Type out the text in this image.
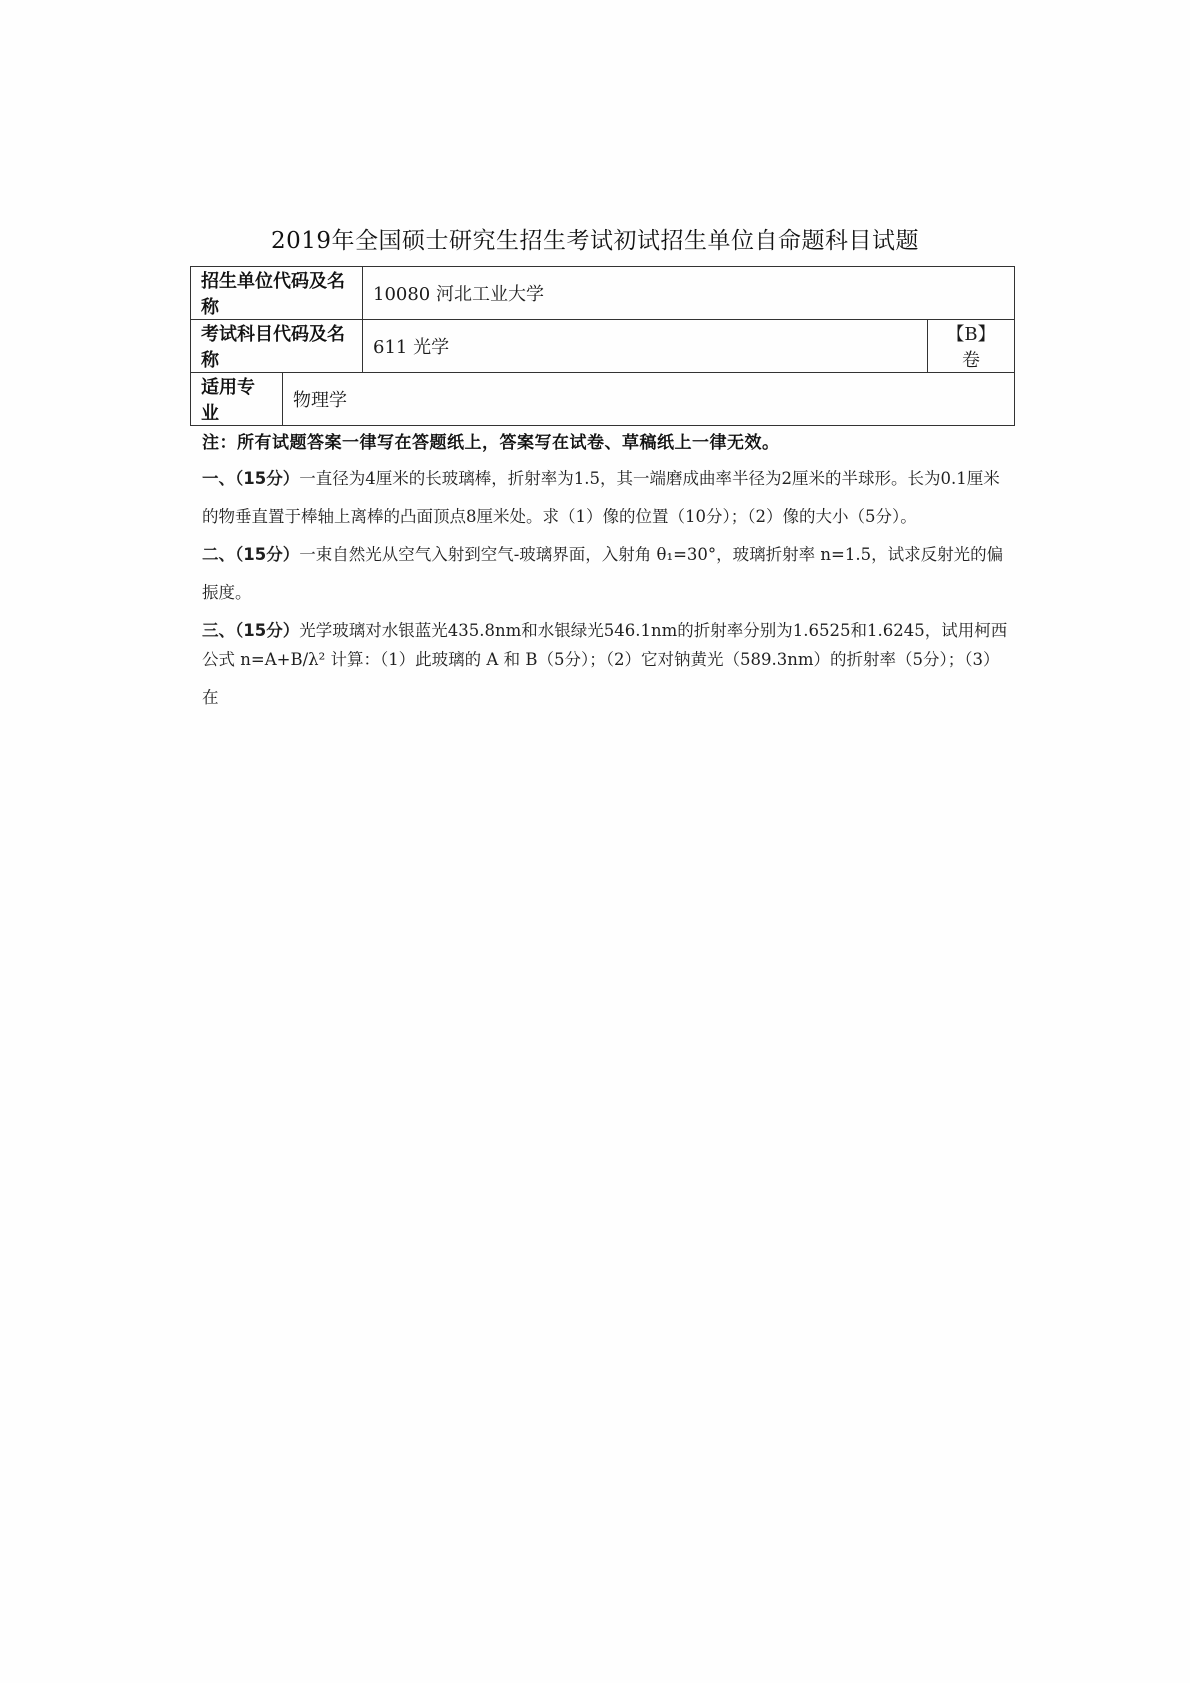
2019年全国硕士研究生招生考试初试招生单位自命题科目试题
招生单位代码及名称		10080 河北工业大学	
考试科目代码及名称		611 光学	【B】卷
适用专业	物理学		
注：所有试题答案一律写在答题纸上，答案写在试卷、草稿纸上一律无效。
一、（15分）一直径为4厘米的长玻璃棒，折射率为1.5，其一端磨成曲率半径为2厘米的半球形。长为0.1厘米的物垂直置于棒轴上离棒的凸面顶点8厘米处。求（1）像的位置（10分）；（2）像的大小（5分）。
二、（15分）一束自然光从空气入射到空气-玻璃界面，入射角 θ₁=30°，玻璃折射率 n=1.5，试求反射光的偏振度。
三、（15分）光学玻璃对水银蓝光435.8nm和水银绿光546.1nm的折射率分别为1.6525和1.6245，试用柯西
公式 n=A+B/λ² 计算：（1）此玻璃的 A 和 B（5分）；（2）它对钠黄光（589.3nm）的折射率（5分）；（3）在
